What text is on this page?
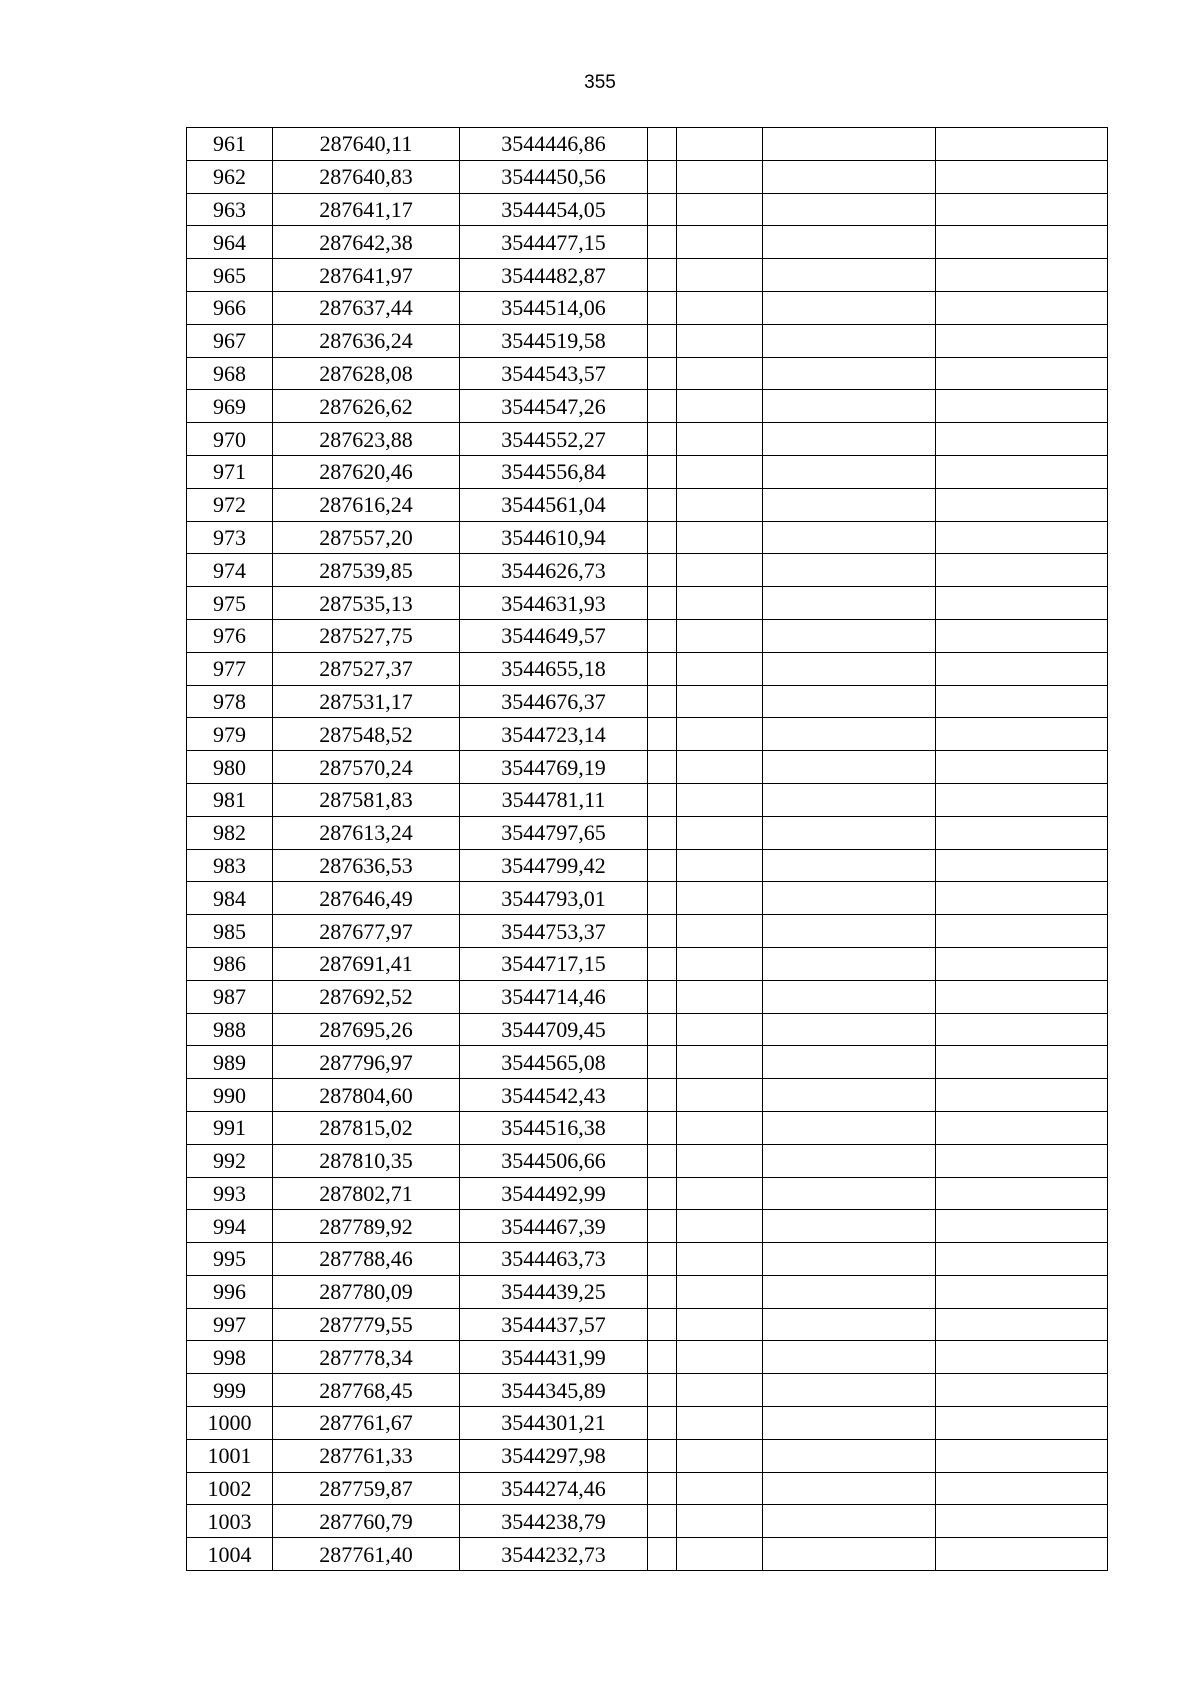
355
961	287640,11	3544446,86				
962	287640,83	3544450,56				
963	287641,17	3544454,05				
964	287642,38	3544477,15				
965	287641,97	3544482,87				
966	287637,44	3544514,06				
967	287636,24	3544519,58				
968	287628,08	3544543,57				
969	287626,62	3544547,26				
970	287623,88	3544552,27				
971	287620,46	3544556,84				
972	287616,24	3544561,04				
973	287557,20	3544610,94				
974	287539,85	3544626,73				
975	287535,13	3544631,93				
976	287527,75	3544649,57				
977	287527,37	3544655,18				
978	287531,17	3544676,37				
979	287548,52	3544723,14				
980	287570,24	3544769,19				
981	287581,83	3544781,11				
982	287613,24	3544797,65				
983	287636,53	3544799,42				
984	287646,49	3544793,01				
985	287677,97	3544753,37				
986	287691,41	3544717,15				
987	287692,52	3544714,46				
988	287695,26	3544709,45				
989	287796,97	3544565,08				
990	287804,60	3544542,43				
991	287815,02	3544516,38				
992	287810,35	3544506,66				
993	287802,71	3544492,99				
994	287789,92	3544467,39				
995	287788,46	3544463,73				
996	287780,09	3544439,25				
997	287779,55	3544437,57				
998	287778,34	3544431,99				
999	287768,45	3544345,89				
1000	287761,67	3544301,21				
1001	287761,33	3544297,98				
1002	287759,87	3544274,46				
1003	287760,79	3544238,79				
1004	287761,40	3544232,73				
